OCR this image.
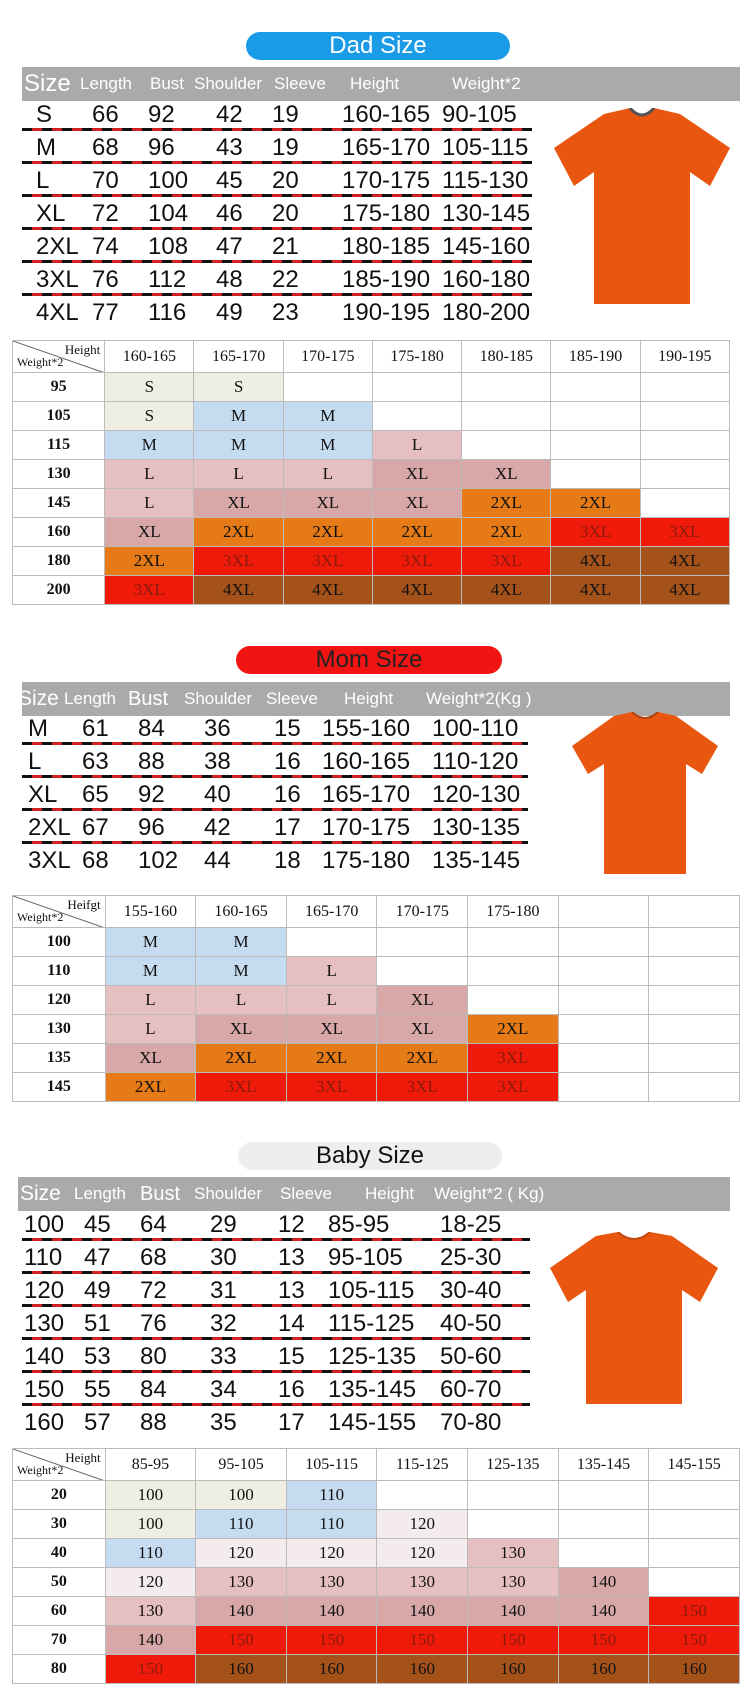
Dad Size
Size Length Bust Shoulder Sleeve Height	Weight*2
S 66 92 42 19 160-165 90-105
M 68 96 43 19 165-170 105-115
L 70 100 45 20 170-175 115-130
XL 72 104 46 20 175-180 130-145
2XL 74 108 47 21 180-185 145-160
3XL 76 112 48 22 185-190 160-180
4XL 77 116 49 23 190-195 180-200
Height
Weight*2	160-165	165-170	170-175	175-180	180-185	185-190	190-195
95	S	S					
105	S	M	M				
115	M	M	M	L			
130	L	L	L	XL	XL		
145	L	XL	XL	XL	2XL	2XL	
160	XL	2XL	2XL	2XL	2XL	3XL	3XL
180	2XL	3XL	3XL	3XL	3XL	4XL	4XL
200	3XL	4XL	4XL	4XL	4XL	4XL	4XL
Mom Size
Size Length Bust Shoulder Sleeve Height Weight*2(Kg )
M 61 84 36 15 155-160 100-110
L 63 88 38 16 160-165 110-120
XL 65 92 40 16 165-170 120-130
2XL 67 96 42 17 170-175 130-135
3XL 68 102 44 18 175-180 135-145
Heifgt
Weight*2	155-160	160-165	165-170	170-175	175-180		
100	M	M					
110	M	M	L				
120	L	L	L	XL			
130	L	XL	XL	XL	2XL		
135	XL	2XL	2XL	2XL	3XL		
145	2XL	3XL	3XL	3XL	3XL		
Baby Size
Size Length Bust Shoulder Sleeve Height Weight*2 ( Kg)
100 45 64 29 12 85-95 18-25
110 47 68 30 13 95-105 25-30
120 49 72 31 13 105-115 30-40
130 51 76 32 14 115-125 40-50
140 53 80 33 15 125-135 50-60
150 55 84 34 16 135-145 60-70
160 57 88 35 17 145-155 70-80
Height
Weight*2	85-95	95-105	105-115	115-125	125-135	135-145	145-155
20	100	100	110				
30	100	110	110	120			
40	110	120	120	120	130		
50	120	130	130	130	130	140	
60	130	140	140	140	140	140	150
70	140	150	150	150	150	150	150
80	150	160	160	160	160	160	160
